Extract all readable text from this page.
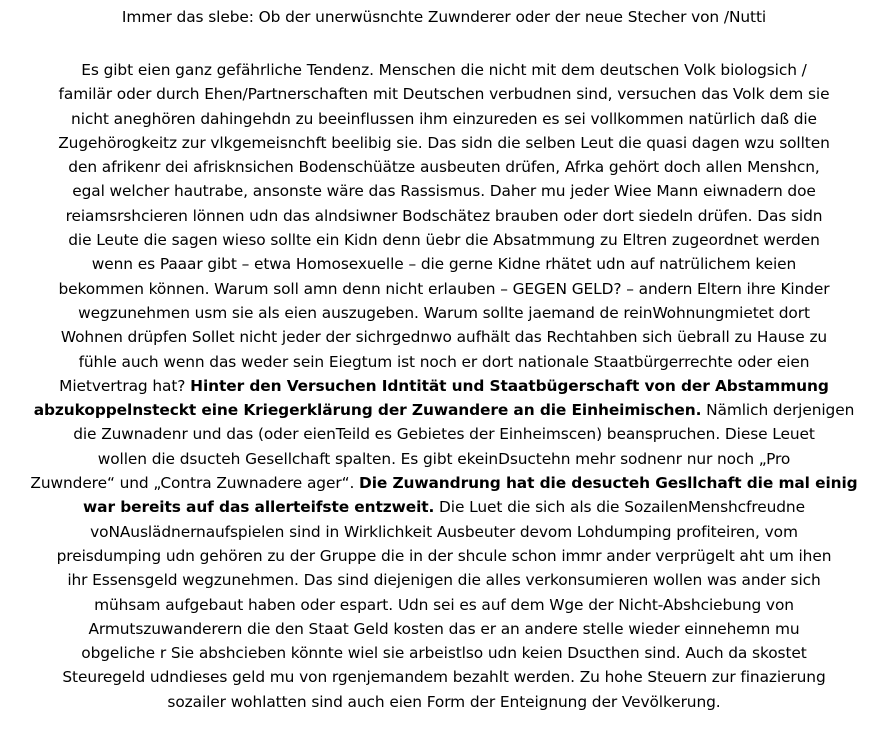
Immer das slebe: Ob der unerwüsnchte Zuwnderer oder der neue Stecher von /Nutti
Es gibt eien ganz gefährliche Tendenz. Menschen die nicht mit dem deutschen Volk biologsich /
familär oder durch Ehen/Partnerschaften mit Deutschen verbudnen sind, versuchen das Volk dem sie
nicht aneghören dahingehdn zu beeinflussen ihm einzureden es sei vollkommen natürlich daß die
Zugehörogkeitz zur vlkgemeisnchft beelibig sie. Das sidn die selben Leut die quasi dagen wzu sollten
den afrikenr dei afrisknsichen Bodenschüätze ausbeuten drüfen, Afrka gehört doch allen Menshcn,
egal welcher hautrabe, ansonste wäre das Rassismus. Daher mu jeder Wiee Mann eiwnadern doe
reiamsrshcieren lönnen udn das alndsiwner Bodschätez brauben oder dort siedeln drüfen. Das sidn
die Leute die sagen wieso sollte ein Kidn denn üebr die Absatmmung zu Eltren zugeordnet werden
wenn es Paaar gibt – etwa Homosexuelle – die gerne Kidne rhätet udn auf natrülichem keien
bekommen können. Warum soll amn denn nicht erlauben – GEGEN GELD? – andern Eltern ihre Kinder
wegzunehmen usm sie als eien auszugeben. Warum sollte jaemand de reinWohnungmietet dort
Wohnen drüpfen Sollet nicht jeder der sichrgednwo aufhält das Rechtahben sich üebrall zu Hause zu
fühle auch wenn das weder sein Eiegtum ist noch er dort nationale Staatbürgerrechte oder eien
Mietvertrag hat? Hinter den Versuchen Idntität und Staatbügerschaft von der Abstammung
abzukoppelnsteckt eine Kriegerklärung der Zuwandere an die Einheimischen. Nämlich derjenigen
die Zuwnadenr und das (oder eienTeild es Gebietes der Einheimscen) beanspruchen. Diese Leuet
wollen die dsucteh Gesellchaft spalten. Es gibt ekeinDsuctehn mehr sodnenr nur noch „Pro
Zuwndere“ und „Contra Zuwnadere ager“. Die Zuwandrung hat die desucteh Gesllchaft die mal einig
war bereits auf das allerteifste entzweit. Die Luet die sich als die SozailenMenshcfreudne
voNAuslädnernaufspielen sind in Wirklichkeit Ausbeuter devom Lohdumping profiteiren, vom
preisdumping udn gehören zu der Gruppe die in der shcule schon immr ander verprügelt aht um ihen
ihr Essensgeld wegzunehmen. Das sind diejenigen die alles verkonsumieren wollen was ander sich
mühsam aufgebaut haben oder espart. Udn sei es auf dem Wge der Nicht-Abshciebung von
Armutszuwanderern die den Staat Geld kosten das er an andere stelle wieder einnehemn mu
obgeliche r Sie abshcieben könnte wiel sie arbeistlso udn keien Dsucthen sind. Auch da skostet
Steuregeld udndieses geld mu von rgenjemandem bezahlt werden. Zu hohe Steuern zur finazierung
sozailer wohlatten sind auch eien Form der Enteignung der Vevölkerung.
